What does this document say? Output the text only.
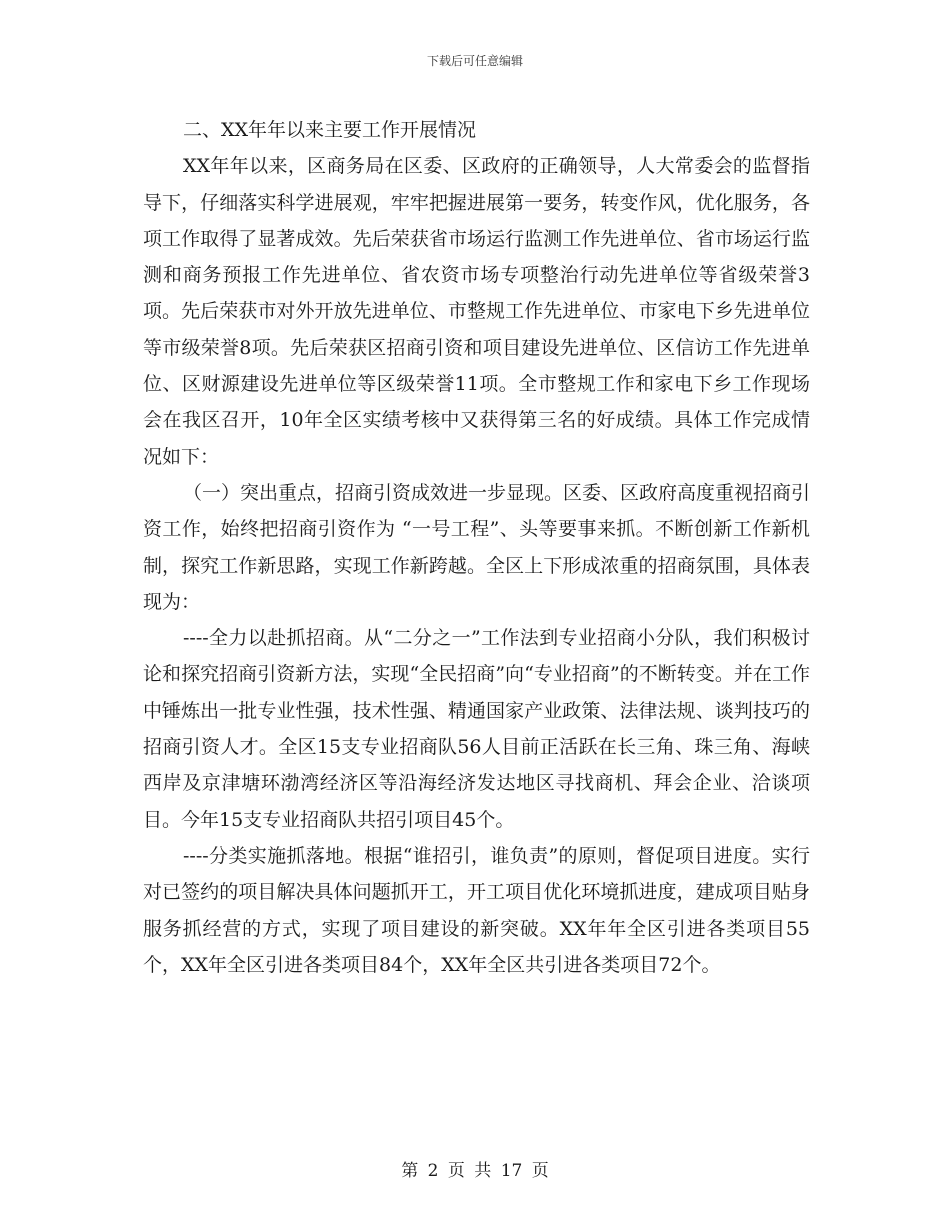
下载后可任意编辑

二、XX年年以来主要工作开展情况

XX年年以来，区商务局在区委、区政府的正确领导，人大常委会的监督指导下，仔细落实科学进展观，牢牢把握进展第一要务，转变作风，优化服务，各项工作取得了显著成效。先后荣获省市场运行监测工作先进单位、省市场运行监测和商务预报工作先进单位、省农资市场专项整治行动先进单位等省级荣誉3项。先后荣获市对外开放先进单位、市整规工作先进单位、市家电下乡先进单位等市级荣誉8项。先后荣获区招商引资和项目建设先进单位、区信访工作先进单位、区财源建设先进单位等区级荣誉11项。全市整规工作和家电下乡工作现场会在我区召开，10年全区实绩考核中又获得第三名的好成绩。具体工作完成情况如下：

（一）突出重点，招商引资成效进一步显现。区委、区政府高度重视招商引资工作，始终把招商引资作为 “一号工程”、头等要事来抓。不断创新工作新机制，探究工作新思路，实现工作新跨越。全区上下形成浓重的招商氛围，具体表现为：

----全力以赴抓招商。从“二分之一”工作法到专业招商小分队，我们积极讨论和探究招商引资新方法，实现“全民招商”向“专业招商”的不断转变。并在工作中锤炼出一批专业性强，技术性强、精通国家产业政策、法律法规、谈判技巧的招商引资人才。全区15支专业招商队56人目前正活跃在长三角、珠三角、海峡西岸及京津塘环渤湾经济区等沿海经济发达地区寻找商机、拜会企业、洽谈项目。今年15支专业招商队共招引项目45个。

----分类实施抓落地。根据“谁招引，谁负责”的原则，督促项目进度。实行对已签约的项目解决具体问题抓开工，开工项目优化环境抓进度，建成项目贴身服务抓经营的方式，实现了项目建设的新突破。XX年年全区引进各类项目55个，XX年全区引进各类项目84个，XX年全区共引进各类项目72个。

第 2 页 共 17 页
